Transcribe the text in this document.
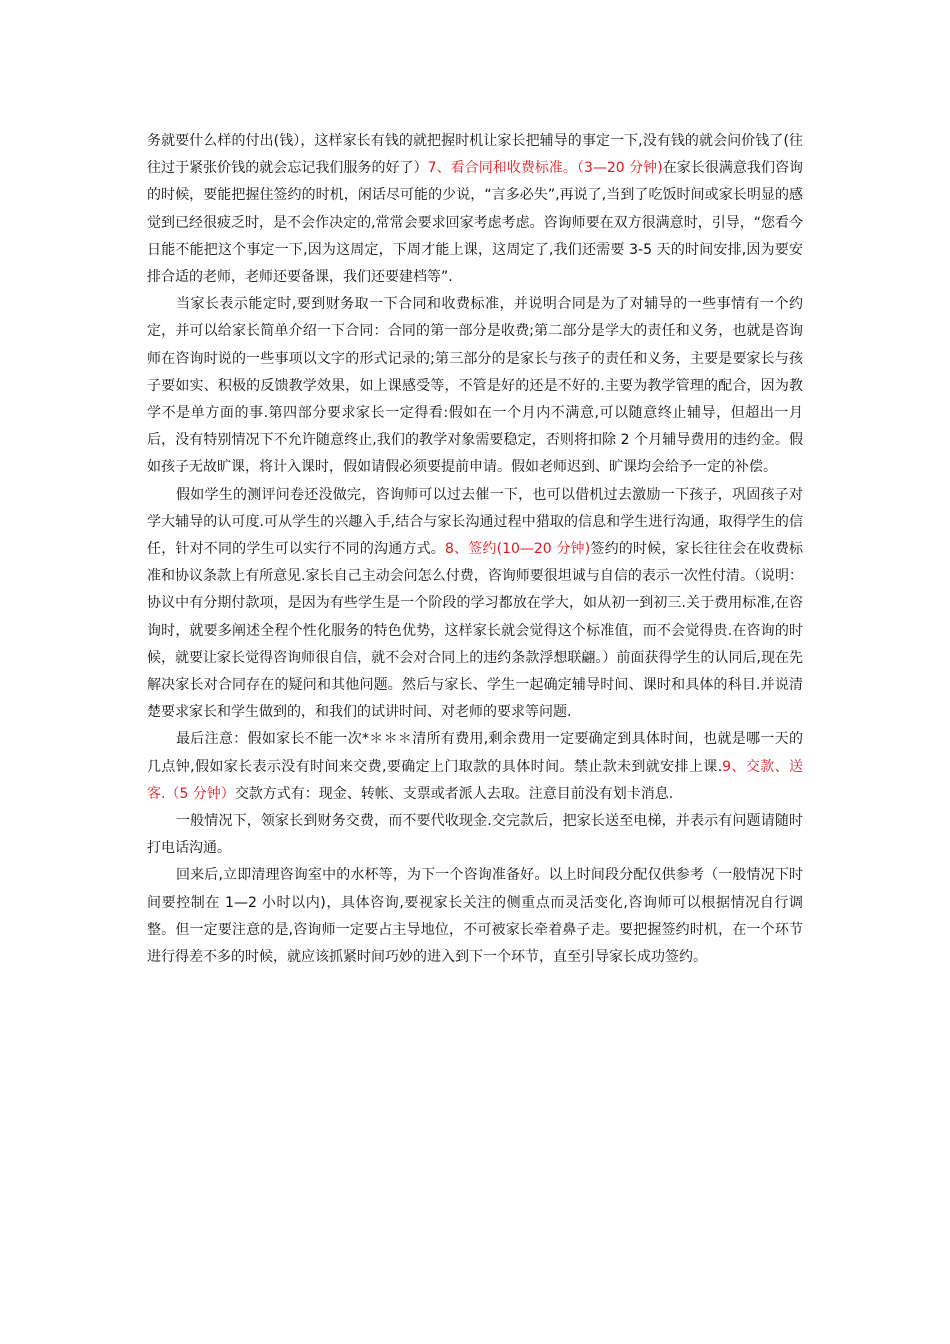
务就要什么样的付出(钱），这样家长有钱的就把握时机让家长把辅导的事定一下,没有钱的就会问价钱了(往往过于紧张价钱的就会忘记我们服务的好了）7、看合同和收费标准。（3—20 分钟)在家长很满意我们咨询的时候，要能把握住签约的时机，闲话尽可能的少说，“言多必失”,再说了,当到了吃饭时间或家长明显的感觉到已经很疲乏时，是不会作决定的,常常会要求回家考虑考虑。咨询师要在双方很满意时，引导，“您看今日能不能把这个事定一下,因为这周定，下周才能上课，这周定了,我们还需要 3-5 天的时间安排,因为要安排合适的老师，老师还要备课，我们还要建档等”.

当家长表示能定时,要到财务取一下合同和收费标准，并说明合同是为了对辅导的一些事情有一个约定，并可以给家长简单介绍一下合同：合同的第一部分是收费;第二部分是学大的责任和义务，也就是咨询师在咨询时说的一些事项以文字的形式记录的;第三部分的是家长与孩子的责任和义务，主要是要家长与孩子要如实、积极的反馈教学效果，如上课感受等，不管是好的还是不好的.主要为教学管理的配合，因为教学不是单方面的事.第四部分要求家长一定得看:假如在一个月内不满意,可以随意终止辅导，但超出一月后，没有特别情况下不允许随意终止,我们的教学对象需要稳定，否则将扣除 2 个月辅导费用的违约金。假如孩子无故旷课，将计入课时，假如请假必须要提前申请。假如老师迟到、旷课均会给予一定的补偿。

假如学生的测评问卷还没做完，咨询师可以过去催一下，也可以借机过去激励一下孩子，巩固孩子对学大辅导的认可度.可从学生的兴趣入手,结合与家长沟通过程中猎取的信息和学生进行沟通，取得学生的信任，针对不同的学生可以实行不同的沟通方式。8、签约(10—20 分钟)签约的时候，家长往往会在收费标准和协议条款上有所意见.家长自己主动会问怎么付费，咨询师要很坦诚与自信的表示一次性付清。（说明：协议中有分期付款项，是因为有些学生是一个阶段的学习都放在学大，如从初一到初三.关于费用标准,在咨询时，就要多阐述全程个性化服务的特色优势，这样家长就会觉得这个标准值，而不会觉得贵.在咨询的时候，就要让家长觉得咨询师很自信，就不会对合同上的违约条款浮想联翩。）前面获得学生的认同后,现在先解决家长对合同存在的疑问和其他问题。然后与家长、学生一起确定辅导时间、课时和具体的科目.并说清楚要求家长和学生做到的，和我们的试讲时间、对老师的要求等问题.

最后注意：假如家长不能一次*＊＊＊清所有费用,剩余费用一定要确定到具体时间，也就是哪一天的几点钟,假如家长表示没有时间来交费,要确定上门取款的具体时间。禁止款未到就安排上课.9、交款、送客.（5 分钟）交款方式有：现金、转帐、支票或者派人去取。注意目前没有划卡消息.

一般情况下，领家长到财务交费，而不要代收现金.交完款后，把家长送至电梯，并表示有问题请随时打电话沟通。

回来后,立即清理咨询室中的水杯等，为下一个咨询准备好。以上时间段分配仅供参考（一般情况下时间要控制在 1—2 小时以内)，具体咨询,要视家长关注的侧重点而灵活变化,咨询师可以根据情况自行调整。但一定要注意的是,咨询师一定要占主导地位，不可被家长牵着鼻子走。要把握签约时机，在一个环节进行得差不多的时候，就应该抓紧时间巧妙的进入到下一个环节，直至引导家长成功签约。
